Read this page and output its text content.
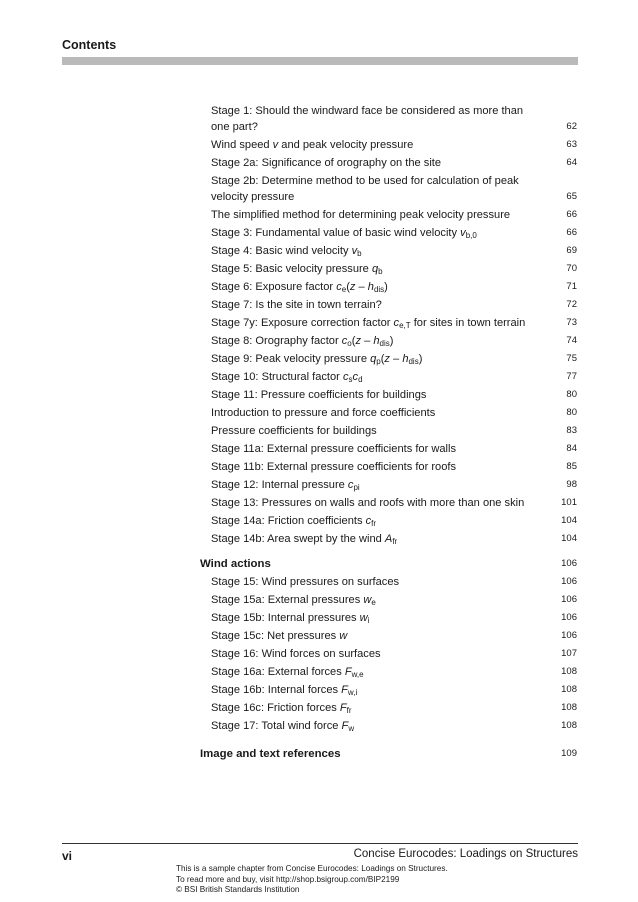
Contents
Stage 1: Should the windward face be considered as more than
one part?	62
Wind speed v and peak velocity pressure	63
Stage 2a: Significance of orography on the site	64
Stage 2b: Determine method to be used for calculation of peak
velocity pressure	65
The simplified method for determining peak velocity pressure	66
Stage 3: Fundamental value of basic wind velocity $v_{b,0}$	66
Stage 4: Basic wind velocity $v_b$	69
Stage 5: Basic velocity pressure $q_b$	70
Stage 6: Exposure factor $c_e(z - h_{dis})$	71
Stage 7: Is the site in town terrain?	72
Stage 7y: Exposure correction factor $c_{e,T}$ for sites in town terrain	73
Stage 8: Orography factor $c_o(z - h_{dis})$	74
Stage 9: Peak velocity pressure $q_p(z - h_{dis})$	75
Stage 10: Structural factor $c_sc_d$	77
Stage 11: Pressure coefficients for buildings	80
Introduction to pressure and force coefficients	80
Pressure coefficients for buildings	83
Stage 11a: External pressure coefficients for walls	84
Stage 11b: External pressure coefficients for roofs	85
Stage 12: Internal pressure $c_{pi}$	98
Stage 13: Pressures on walls and roofs with more than one skin	101
Stage 14a: Friction coefficients $c_{fr}$	104
Stage 14b: Area swept by the wind $A_{fr}$	104
Wind actions	106
Stage 15: Wind pressures on surfaces	106
Stage 15a: External pressures $w_e$	106
Stage 15b: Internal pressures $w_i$	106
Stage 15c: Net pressures w	106
Stage 16: Wind forces on surfaces	107
Stage 16a: External forces $F_{w,e}$	108
Stage 16b: Internal forces $F_{w,i}$	108
Stage 16c: Friction forces $F_{fr}$	108
Stage 17: Total wind force $F_w$	108
Image and text references	109
vi	Concise Eurocodes: Loadings on Structures
This is a sample chapter from Concise Eurocodes: Loadings on Structures.
To read more and buy, visit http://shop.bsigroup.com/BIP2199
© BSI British Standards Institution
